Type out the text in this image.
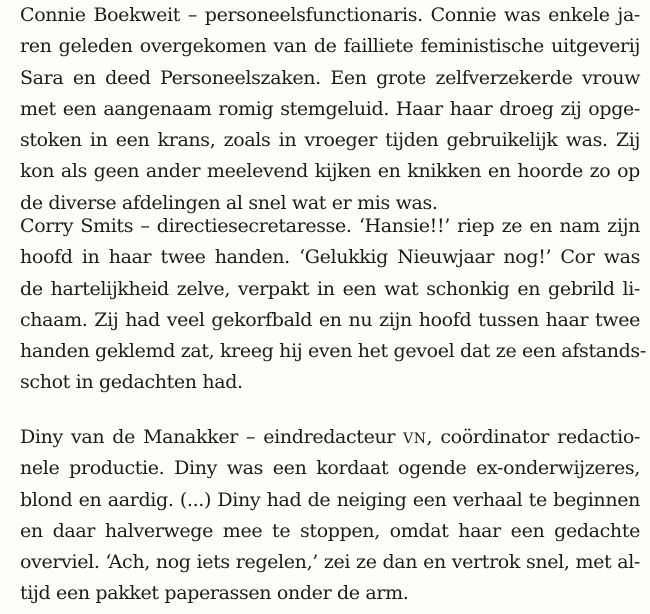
Connie Boekweit – personeelsfunctionaris. Connie was enkele ja-
ren geleden overgekomen van de failliete feministische uitgeverij
Sara en deed Personeelszaken. Een grote zelfverzekerde vrouw
met een aangenaam romig stemgeluid. Haar haar droeg zij opge-
stoken in een krans, zoals in vroeger tijden gebruikelijk was. Zij
kon als geen ander meelevend kijken en knikken en hoorde zo op
de diverse afdelingen al snel wat er mis was.
Corry Smits – directiesecretaresse. ‘Hansie!!’ riep ze en nam zijn
hoofd in haar twee handen. ‘Gelukkig Nieuwjaar nog!’ Cor was
de hartelijkheid zelve, verpakt in een wat schonkig en gebrild li-
chaam. Zij had veel gekorfbald en nu zijn hoofd tussen haar twee
handen geklemd zat, kreeg hij even het gevoel dat ze een afstands-
schot in gedachten had.
Diny van de Manakker – eindredacteur VN, coördinator redactio-
nele productie. Diny was een kordaat ogende ex-onderwijzeres,
blond en aardig. (...) Diny had de neiging een verhaal te beginnen
en daar halverwege mee te stoppen, omdat haar een gedachte
overviel. ‘Ach, nog iets regelen,’ zei ze dan en vertrok snel, met al-
tijd een pakket paperassen onder de arm.
